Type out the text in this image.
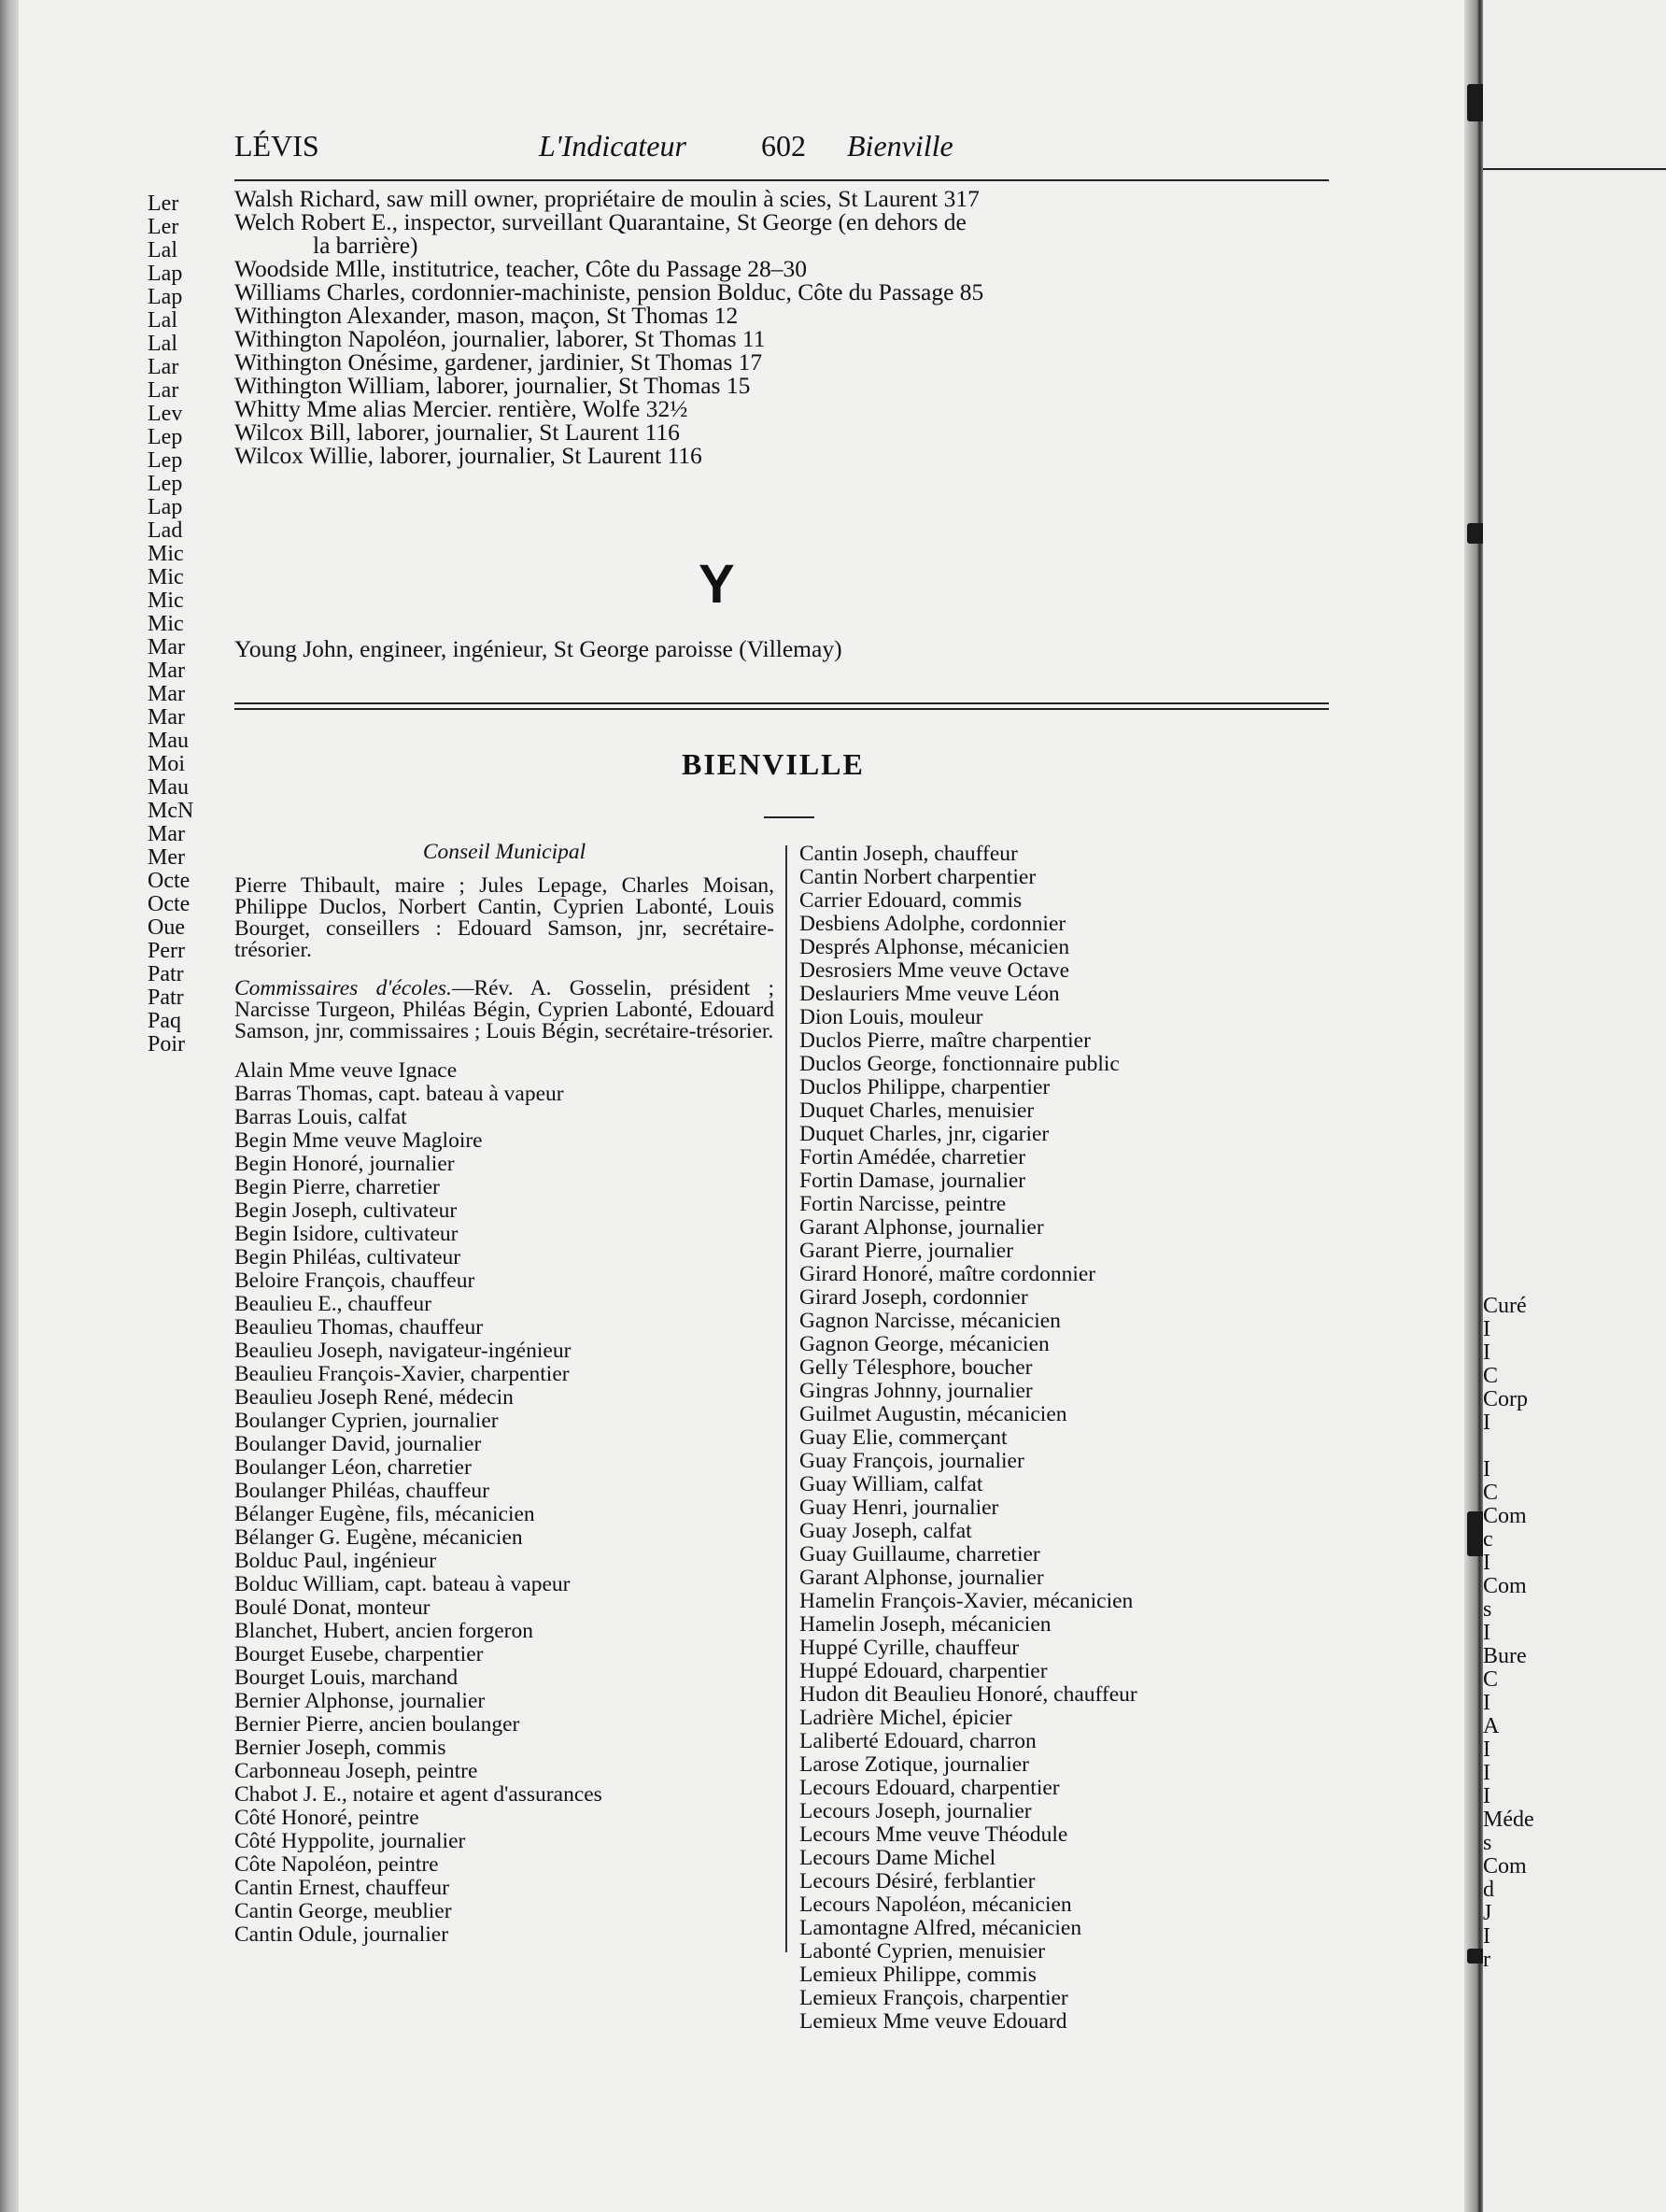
Ler
Ler
Lal
Lap
Lap
Lal
Lal
Lar
Lar
Lev
Lep
Lep
Lep
Lap
Lad
Mic
Mic
Mic
Mic
Mar
Mar
Mar
Mar
Mau
Moi
Mau
McN
Mar
Mer
Octe
Octe
Oue
Perr
Patr
Patr
Paq
Poir
Curé
I
I
C
Corp
I
I
C
Com
c
I
Com
s
I
Bure
C
I
A
I
I
I
Méde
s
Com
d
J
I
r
LÉVIS	L'Indicateur	602 Bienville
Walsh Richard, saw mill owner, propriétaire de moulin à scies, St Laurent 317
Welch Robert E., inspector, surveillant Quarantaine, St George (en dehors de
la barrière)
Woodside Mlle, institutrice, teacher, Côte du Passage 28–30
Williams Charles, cordonnier-machiniste, pension Bolduc, Côte du Passage 85
Withington Alexander, mason, maçon, St Thomas 12
Withington Napoléon, journalier, laborer, St Thomas 11
Withington Onésime, gardener, jardinier, St Thomas 17
Withington William, laborer, journalier, St Thomas 15
Whitty Mme alias Mercier. rentière, Wolfe 32½
Wilcox Bill, laborer, journalier, St Laurent 116
Wilcox Willie, laborer, journalier, St Laurent 116
Y
Young John, engineer, ingénieur, St George paroisse (Villemay)
BIENVILLE
Conseil Municipal
Pierre Thibault, maire ; Jules Lepage, Charles Moisan, Philippe Duclos, Norbert Cantin, Cyprien Labonté, Louis Bourget, conseillers : Edouard Samson, jnr, secrétaire-trésorier.
Commissaires d'écoles.—Rév. A. Gosselin, président ; Narcisse Turgeon, Philéas Bégin, Cyprien Labonté, Edouard Samson, jnr, commissaires ; Louis Bégin, secrétaire-trésorier.
Alain Mme veuve Ignace
Barras Thomas, capt. bateau à vapeur
Barras Louis, calfat
Begin Mme veuve Magloire
Begin Honoré, journalier
Begin Pierre, charretier
Begin Joseph, cultivateur
Begin Isidore, cultivateur
Begin Philéas, cultivateur
Beloire François, chauffeur
Beaulieu E., chauffeur
Beaulieu Thomas, chauffeur
Beaulieu Joseph, navigateur-ingénieur
Beaulieu François-Xavier, charpentier
Beaulieu Joseph René, médecin
Boulanger Cyprien, journalier
Boulanger David, journalier
Boulanger Léon, charretier
Boulanger Philéas, chauffeur
Bélanger Eugène, fils, mécanicien
Bélanger G. Eugène, mécanicien
Bolduc Paul, ingénieur
Bolduc William, capt. bateau à vapeur
Boulé Donat, monteur
Blanchet, Hubert, ancien forgeron
Bourget Eusebe, charpentier
Bourget Louis, marchand
Bernier Alphonse, journalier
Bernier Pierre, ancien boulanger
Bernier Joseph, commis
Carbonneau Joseph, peintre
Chabot J. E., notaire et agent d'assurances
Côté Honoré, peintre
Côté Hyppolite, journalier
Côte Napoléon, peintre
Cantin Ernest, chauffeur
Cantin George, meublier
Cantin Odule, journalier
Cantin Joseph, chauffeur
Cantin Norbert charpentier
Carrier Edouard, commis
Desbiens Adolphe, cordonnier
Després Alphonse, mécanicien
Desrosiers Mme veuve Octave
Deslauriers Mme veuve Léon
Dion Louis, mouleur
Duclos Pierre, maître charpentier
Duclos George, fonctionnaire public
Duclos Philippe, charpentier
Duquet Charles, menuisier
Duquet Charles, jnr, cigarier
Fortin Amédée, charretier
Fortin Damase, journalier
Fortin Narcisse, peintre
Garant Alphonse, journalier
Garant Pierre, journalier
Girard Honoré, maître cordonnier
Girard Joseph, cordonnier
Gagnon Narcisse, mécanicien
Gagnon George, mécanicien
Gelly Télesphore, boucher
Gingras Johnny, journalier
Guilmet Augustin, mécanicien
Guay Elie, commerçant
Guay François, journalier
Guay William, calfat
Guay Henri, journalier
Guay Joseph, calfat
Guay Guillaume, charretier
Garant Alphonse, journalier
Hamelin François-Xavier, mécanicien
Hamelin Joseph, mécanicien
Huppé Cyrille, chauffeur
Huppé Edouard, charpentier
Hudon dit Beaulieu Honoré, chauffeur
Ladrière Michel, épicier
Laliberté Edouard, charron
Larose Zotique, journalier
Lecours Edouard, charpentier
Lecours Joseph, journalier
Lecours Mme veuve Théodule
Lecours Dame Michel
Lecours Désiré, ferblantier
Lecours Napoléon, mécanicien
Lamontagne Alfred, mécanicien
Labonté Cyprien, menuisier
Lemieux Philippe, commis
Lemieux François, charpentier
Lemieux Mme veuve Edouard
